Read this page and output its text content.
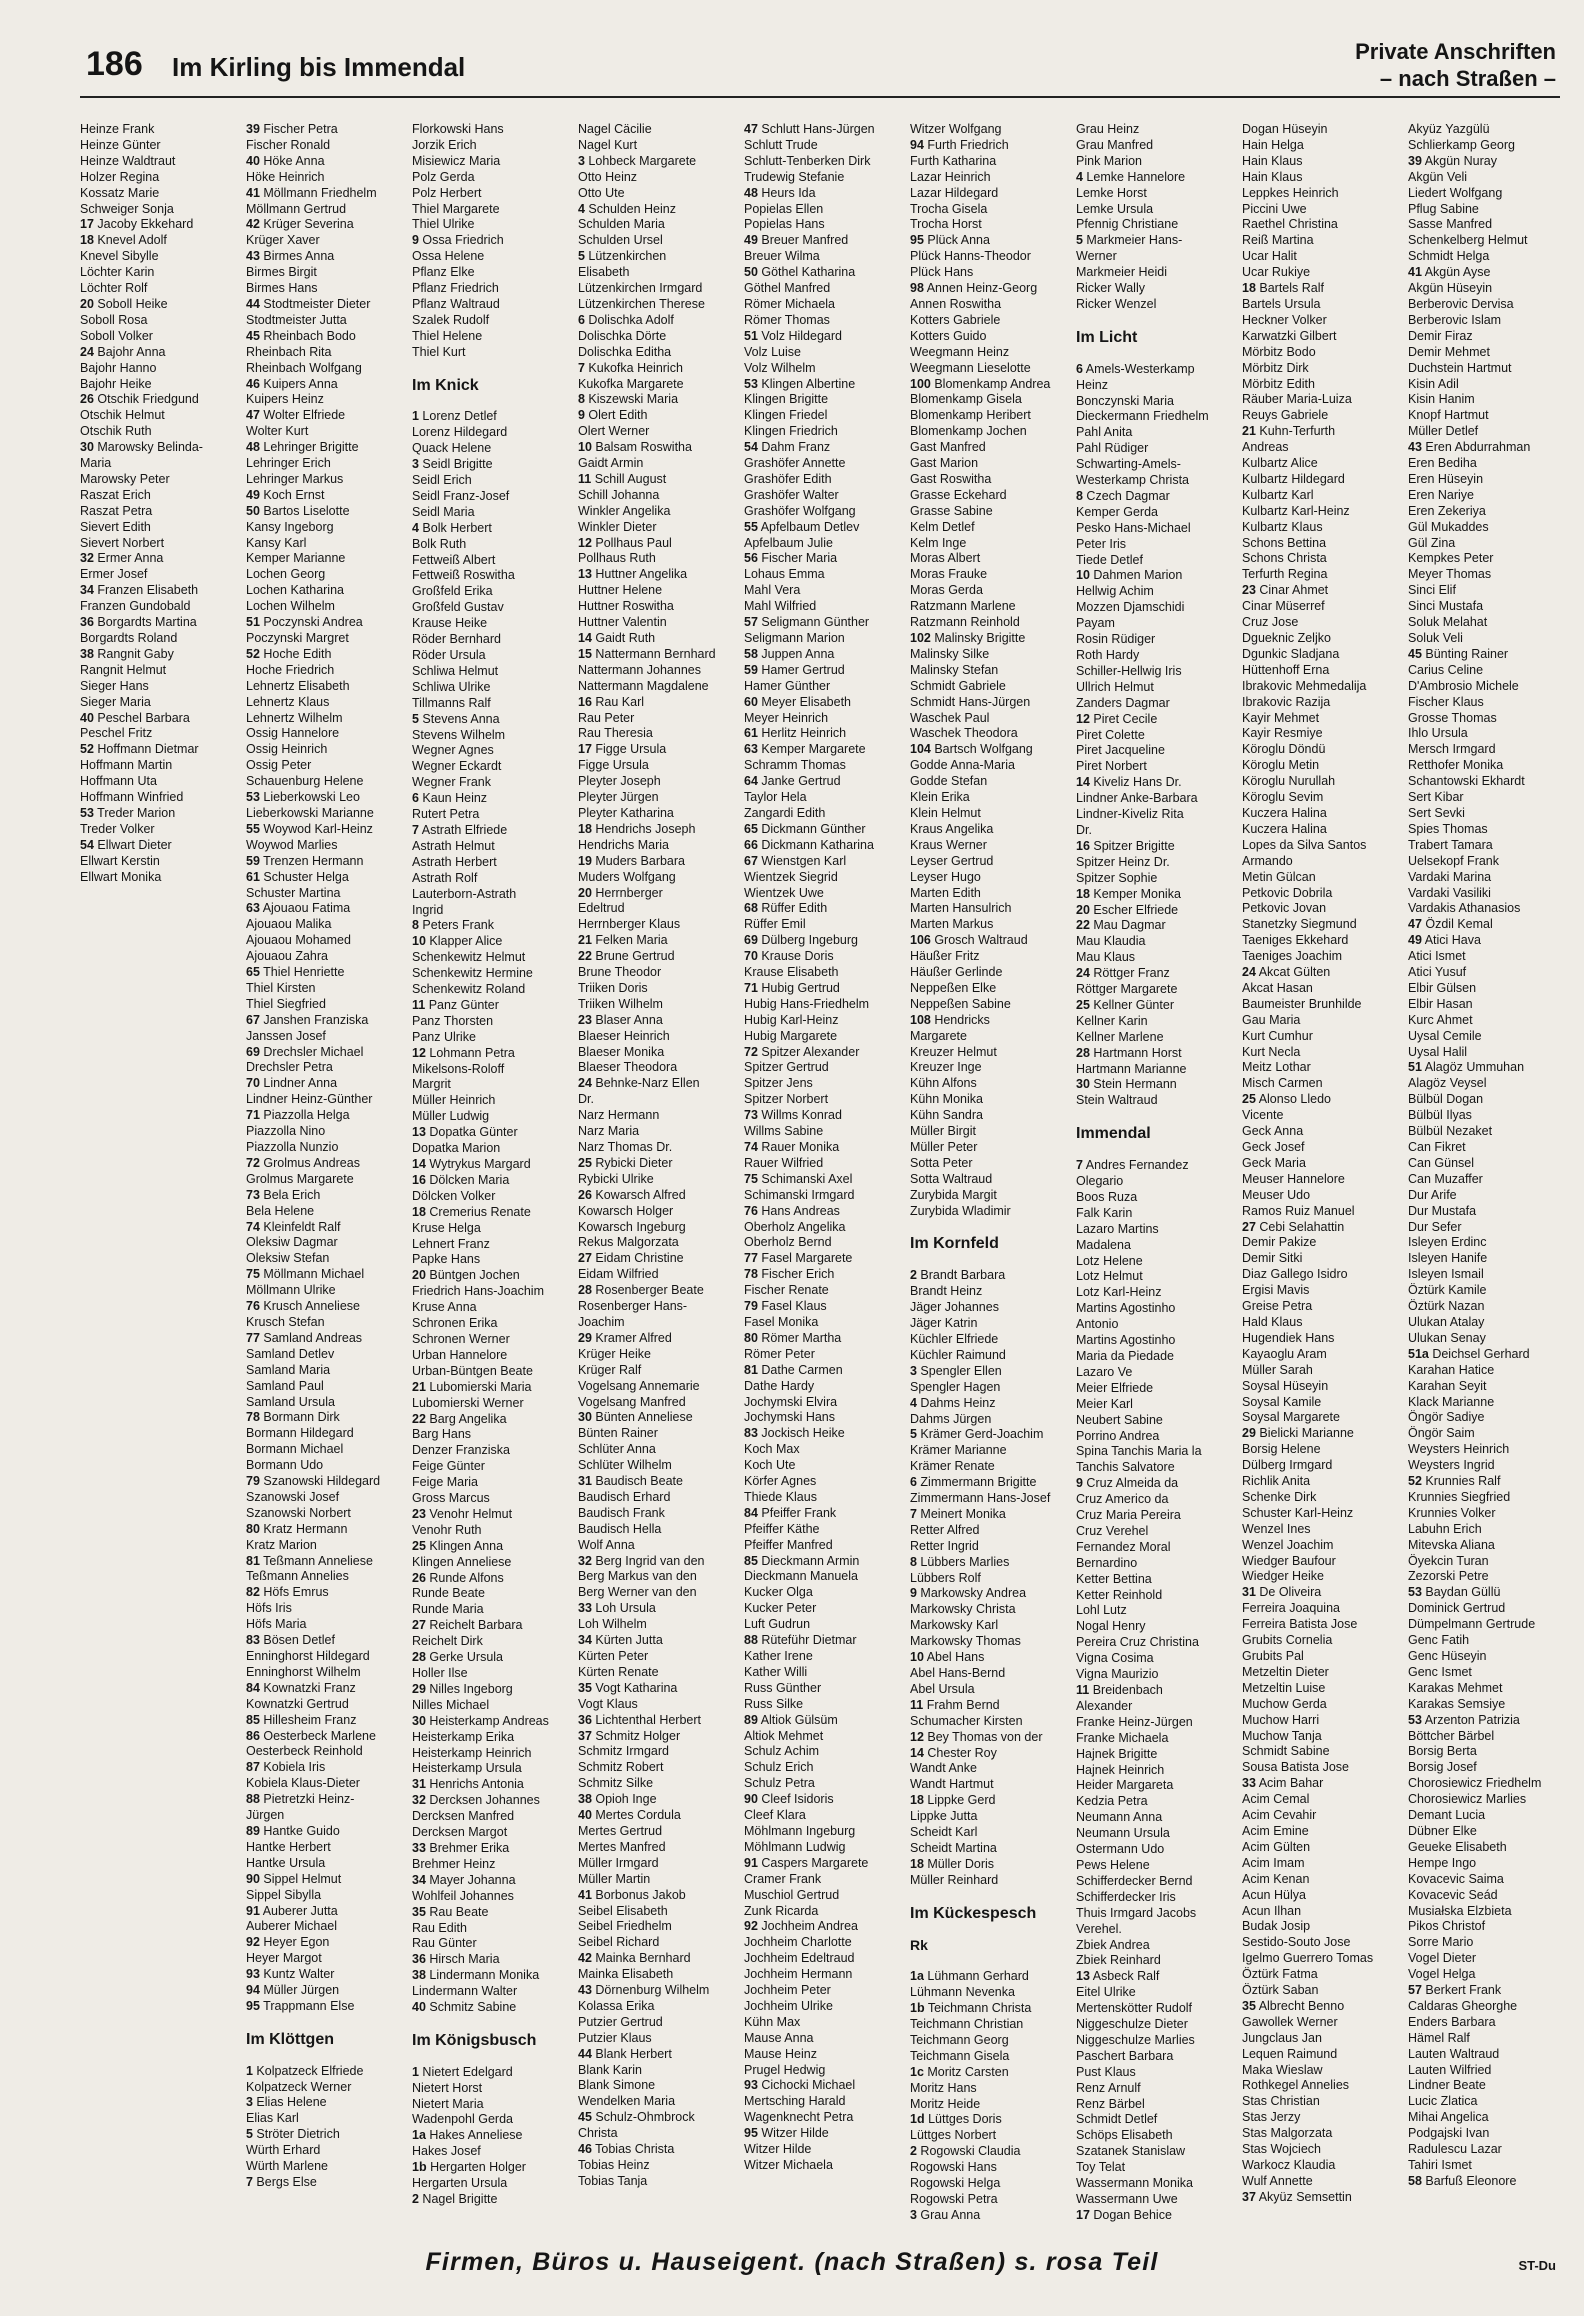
186 Im Kirling bis Immendal
Private Anschriften
– nach Straßen –
Heinze Frank
Heinze Günter
Heinze Waldtraut
Holzer Regina
Kossatz Marie
Schweiger Sonja
17 Jacoby Ekkehard
18 Knevel Adolf
Knevel Sibylle
Löchter Karin
Löchter Rolf
20 Soboll Heike
Soboll Rosa
Soboll Volker
24 Bajohr Anna
Bajohr Hanno
Bajohr Heike
26 Otschik Friedgund
Otschik Helmut
Otschik Ruth
30 Marowsky Belinda-
Maria
Marowsky Peter
Raszat Erich
Raszat Petra
Sievert Edith
Sievert Norbert
32 Ermer Anna
Ermer Josef
34 Franzen Elisabeth
Franzen Gundobald
36 Borgardts Martina
Borgardts Roland
38 Rangnit Gaby
Rangnit Helmut
Sieger Hans
Sieger Maria
40 Peschel Barbara
Peschel Fritz
52 Hoffmann Dietmar
Hoffmann Martin
Hoffmann Uta
Hoffmann Winfried
53 Treder Marion
Treder Volker
54 Ellwart Dieter
Ellwart Kerstin
Ellwart Monika
39 Fischer Petra
Fischer Ronald
40 Höke Anna
Höke Heinrich
41 Möllmann Friedhelm
Möllmann Gertrud
42 Krüger Severina
Krüger Xaver
43 Birmes Anna
Birmes Birgit
Birmes Hans
44 Stodtmeister Dieter
Stodtmeister Jutta
45 Rheinbach Bodo
Rheinbach Rita
Rheinbach Wolfgang
46 Kuipers Anna
Kuipers Heinz
47 Wolter Elfriede
Wolter Kurt
48 Lehringer Brigitte
Lehringer Erich
Lehringer Markus
49 Koch Ernst
50 Bartos Liselotte
Kansy Ingeborg
Kansy Karl
Kemper Marianne
Lochen Georg
Lochen Katharina
Lochen Wilhelm
51 Poczynski Andrea
Poczynski Margret
52 Hoche Edith
Hoche Friedrich
Lehnertz Elisabeth
Lehnertz Klaus
Lehnertz Wilhelm
Ossig Hannelore
Ossig Heinrich
Ossig Peter
Schauenburg Helene
53 Lieberkowski Leo
Lieberkowski Marianne
55 Woywod Karl-Heinz
Woywod Marlies
59 Trenzen Hermann
61 Schuster Helga
Schuster Martina
63 Ajouaou Fatima
Ajouaou Malika
Ajouaou Mohamed
Ajouaou Zahra
65 Thiel Henriette
Thiel Kirsten
Thiel Siegfried
67 Janshen Franziska
Janssen Josef
69 Drechsler Michael
Drechsler Petra
70 Lindner Anna
Lindner Heinz-Günther
71 Piazzolla Helga
Piazzolla Nino
Piazzolla Nunzio
72 Grolmus Andreas
Grolmus Margarete
73 Bela Erich
Bela Helene
74 Kleinfeldt Ralf
Oleksiw Dagmar
Oleksiw Stefan
75 Möllmann Michael
Möllmann Ulrike
76 Krusch Anneliese
Krusch Stefan
77 Samland Andreas
Samland Detlev
Samland Maria
Samland Paul
Samland Ursula
78 Bormann Dirk
Bormann Hildegard
Bormann Michael
Bormann Udo
79 Szanowski Hildegard
Szanowski Josef
Szanowski Norbert
80 Kratz Hermann
Kratz Marion
81 Teßmann Anneliese
Teßmann Annelies
82 Höfs Emrus
Höfs Iris
Höfs Maria
83 Bösen Detlef
Enninghorst Hildegard
Enninghorst Wilhelm
84 Kownatzki Franz
Kownatzki Gertrud
85 Hillesheim Franz
86 Oesterbeck Marlene
Oesterbeck Reinhold
87 Kobiela Iris
Kobiela Klaus-Dieter
88 Pietretzki Heinz-
Jürgen
89 Hantke Guido
Hantke Herbert
Hantke Ursula
90 Sippel Helmut
Sippel Sibylla
91 Auberer Jutta
Auberer Michael
92 Heyer Egon
Heyer Margot
93 Kuntz Walter
94 Müller Jürgen
95 Trappmann Else

Im Klöttgen

1 Kolpatzeck Elfriede
Kolpatzeck Werner
3 Elias Helene
Elias Karl
5 Ströter Dietrich
Würth Erhard
Würth Marlene
7 Bergs Else
Florkowski Hans
Jorzik Erich
Misiewicz Maria
Polz Gerda
Polz Herbert
Thiel Margarete
Thiel Ulrike
9 Ossa Friedrich
Ossa Helene
Pflanz Elke
Pflanz Friedrich
Pflanz Waltraud
Szalek Rudolf
Thiel Helene
Thiel Kurt

Im Knick

1 Lorenz Detlef
Lorenz Hildegard
Quack Helene
3 Seidl Brigitte
Seidl Erich
Seidl Franz-Josef
Seidl Maria
4 Bolk Herbert
Bolk Ruth
Fettweiß Albert
Fettweiß Roswitha
Großfeld Erika
Großfeld Gustav
Krause Heike
Röder Bernhard
Röder Ursula
Schliwa Helmut
Schliwa Ulrike
Tillmanns Ralf
5 Stevens Anna
Stevens Wilhelm
Wegner Agnes
Wegner Eckardt
Wegner Frank
6 Kaun Heinz
Rutert Petra
7 Astrath Elfriede
Astrath Helmut
Astrath Herbert
Astrath Rolf
Lauterborn-Astrath
Ingrid
8 Peters Frank
10 Klapper Alice
Schenkewitz Helmut
Schenkewitz Hermine
Schenkewitz Roland
11 Panz Günter
Panz Thorsten
Panz Ulrike
12 Lohmann Petra
Mikelsons-Roloff
Margrit
Müller Heinrich
Müller Ludwig
13 Dopatka Günter
Dopatka Marion
14 Wytrykus Margard
16 Dölcken Maria
Dölcken Volker
18 Cremerius Renate
Kruse Helga
Lehnert Franz
Papke Hans
20 Büntgen Jochen
Friedrich Hans-Joachim
Kruse Anna
Schronen Erika
Schronen Werner
Urban Hannelore
Urban-Büntgen Beate
21 Lubomierski Maria
Lubomierski Werner
22 Barg Angelika
Barg Hans
Denzer Franziska
Feige Günter
Feige Maria
Gross Marcus
23 Venohr Helmut
Venohr Ruth
25 Klingen Anna
Klingen Anneliese
26 Runde Alfons
Runde Beate
Runde Maria
27 Reichelt Barbara
Reichelt Dirk
28 Gerke Ursula
Holler Ilse
29 Nilles Ingeborg
Nilles Michael
30 Heisterkamp Andreas
Heisterkamp Erika
Heisterkamp Heinrich
Heisterkamp Ursula
31 Henrichs Antonia
32 Dercksen Johannes
Dercksen Manfred
Dercksen Margot
33 Brehmer Erika
Brehmer Heinz
34 Mayer Johanna
Wohlfeil Johannes
35 Rau Beate
Rau Edith
Rau Günter
36 Hirsch Maria
38 Lindermann Monika
Lindermann Walter
40 Schmitz Sabine

Im Königsbusch

1 Nietert Edelgard
Nietert Horst
Nietert Maria
Wadenpohl Gerda
1a Hakes Anneliese
Hakes Josef
1b Hergarten Holger
Hergarten Ursula
2 Nagel Brigitte
Nagel Cäcilie
Nagel Kurt
3 Lohbeck Margarete
Otto Heinz
Otto Ute
4 Schulden Heinz
Schulden Maria
Schulden Ursel
5 Lützenkirchen
Elisabeth
Lützenkirchen Irmgard
Lützenkirchen Therese
6 Dolischka Adolf
Dolischka Dörte
Dolischka Editha
7 Kukofka Heinrich
Kukofka Margarete
8 Kiszewski Maria
9 Olert Edith
Olert Werner
10 Balsam Roswitha
Gaidt Armin
11 Schill August
Schill Johanna
Winkler Angelika
Winkler Dieter
12 Pollhaus Paul
Pollhaus Ruth
13 Huttner Angelika
Huttner Helene
Huttner Roswitha
Huttner Valentin
14 Gaidt Ruth
15 Nattermann Bernhard
Nattermann Johannes
Nattermann Magdalene
16 Rau Karl
Rau Peter
Rau Theresia
17 Figge Ursula
Figge Ursula
Pleyter Joseph
Pleyter Jürgen
Pleyter Katharina
18 Hendrichs Joseph
Hendrichs Maria
19 Muders Barbara
Muders Wolfgang
20 Herrnberger
Edeltrud
Herrnberger Klaus
21 Felken Maria
22 Brune Gertrud
Brune Theodor
Triiken Doris
Triiken Wilhelm
23 Blaser Anna
Blaeser Heinrich
Blaeser Monika
Blaeser Theodora
24 Behnke-Narz Ellen
Dr.
Narz Hermann
Narz Maria
Narz Thomas Dr.
25 Rybicki Dieter
Rybicki Ulrike
26 Kowarsch Alfred
Kowarsch Holger
Kowarsch Ingeburg
Rekus Malgorzata
27 Eidam Christine
Eidam Wilfried
28 Rosenberger Beate
Rosenberger Hans-
Joachim
29 Kramer Alfred
Krüger Heike
Krüger Ralf
Vogelsang Annemarie
Vogelsang Manfred
30 Bünten Anneliese
Bünten Rainer
Schlüter Anna
Schlüter Wilhelm
31 Baudisch Beate
Baudisch Erhard
Baudisch Frank
Baudisch Hella
Wolf Anna
32 Berg Ingrid van den
Berg Markus van den
Berg Werner van den
33 Loh Ursula
Loh Wilhelm
34 Kürten Jutta
Kürten Peter
Kürten Renate
35 Vogt Katharina
Vogt Klaus
36 Lichtenthal Herbert
37 Schmitz Holger
Schmitz Irmgard
Schmitz Robert
Schmitz Silke
38 Opioh Inge
40 Mertes Cordula
Mertes Gertrud
Mertes Manfred
Müller Irmgard
Müller Martin
41 Borbonus Jakob
Seibel Elisabeth
Seibel Friedhelm
Seibel Richard
42 Mainka Bernhard
Mainka Elisabeth
43 Dörnenburg Wilhelm
Kolassa Erika
Putzier Gertrud
Putzier Klaus
44 Blank Herbert
Blank Karin
Blank Simone
Wendelken Maria
45 Schulz-Ohmbrock
Christa
46 Tobias Christa
Tobias Heinz
Tobias Tanja
47 Schlutt Hans-Jürgen
Schlutt Trude
Schlutt-Tenberken Dirk
Trudewig Stefanie
48 Heurs Ida
Popielas Ellen
Popielas Hans
49 Breuer Manfred
Breuer Wilma
50 Göthel Katharina
Göthel Manfred
Römer Michaela
Römer Thomas
51 Volz Hildegard
Volz Luise
Volz Wilhelm
53 Klingen Albertine
Klingen Brigitte
Klingen Friedel
Klingen Friedrich
54 Dahm Franz
Grashöfer Annette
Grashöfer Edith
Grashöfer Walter
Grashöfer Wolfgang
55 Apfelbaum Detlev
Apfelbaum Julie
56 Fischer Maria
Lohaus Emma
Mahl Vera
Mahl Wilfried
57 Seligmann Günther
Seligmann Marion
58 Juppen Anna
59 Hamer Gertrud
Hamer Günther
60 Meyer Elisabeth
Meyer Heinrich
61 Herlitz Heinrich
63 Kemper Margarete
Schramm Thomas
64 Janke Gertrud
Taylor Hela
Zangardi Edith
65 Dickmann Günther
66 Dickmann Katharina
67 Wienstgen Karl
Wientzek Siegrid
Wientzek Uwe
68 Rüffer Edith
Rüffer Emil
69 Dülberg Ingeburg
70 Krause Doris
Krause Elisabeth
71 Hubig Gertrud
Hubig Hans-Friedhelm
Hubig Karl-Heinz
Hubig Margarete
72 Spitzer Alexander
Spitzer Gertrud
Spitzer Jens
Spitzer Norbert
73 Willms Konrad
Willms Sabine
74 Rauer Monika
Rauer Wilfried
75 Schimanski Axel
Schimanski Irmgard
76 Hans Andreas
Oberholz Angelika
Oberholz Bernd
77 Fasel Margarete
78 Fischer Erich
Fischer Renate
79 Fasel Klaus
Fasel Monika
80 Römer Martha
Römer Peter
81 Dathe Carmen
Dathe Hardy
Jochymski Elvira
Jochymski Hans
83 Jockisch Heike
Koch Max
Koch Ute
Körfer Agnes
Thiede Klaus
84 Pfeiffer Frank
Pfeiffer Käthe
Pfeiffer Manfred
85 Dieckmann Armin
Dieckmann Manuela
Kucker Olga
Kucker Peter
Luft Gudrun
88 Rüteführ Dietmar
Kather Irene
Kather Willi
Russ Günther
Russ Silke
89 Altiok Gülsüm
Altiok Mehmet
Schulz Achim
Schulz Erich
Schulz Petra
90 Cleef Isidoris
Cleef Klara
Möhlmann Ingeburg
Möhlmann Ludwig
91 Caspers Margarete
Cramer Frank
Muschiol Gertrud
Zunk Ricarda
92 Jochheim Andrea
Jochheim Charlotte
Jochheim Edeltraud
Jochheim Hermann
Jochheim Peter
Jochheim Ulrike
Kühn Max
Mause Anna
Mause Heinz
Prugel Hedwig
93 Cichocki Michael
Mertsching Harald
Wagenknecht Petra
95 Witzer Hilde
Witzer Hilde
Witzer Michaela
Witzer Wolfgang
94 Furth Friedrich
Furth Katharina
Lazar Heinrich
Lazar Hildegard
Trocha Gisela
Trocha Horst
95 Plück Anna
Plück Hanns-Theodor
Plück Hans
98 Annen Heinz-Georg
Annen Roswitha
Kotters Gabriele
Kotters Guido
Weegmann Heinz
Weegmann Lieselotte
100 Blomenkamp Andrea
Blomenkamp Gisela
Blomenkamp Heribert
Blomenkamp Jochen
Gast Manfred
Gast Marion
Gast Roswitha
Grasse Eckehard
Grasse Sabine
Kelm Detlef
Kelm Inge
Moras Albert
Moras Frauke
Moras Gerda
Ratzmann Marlene
Ratzmann Reinhold
102 Malinsky Brigitte
Malinsky Silke
Malinsky Stefan
Schmidt Gabriele
Schmidt Hans-Jürgen
Waschek Paul
Waschek Theodora
104 Bartsch Wolfgang
Godde Anna-Maria
Godde Stefan
Klein Erika
Klein Helmut
Kraus Angelika
Kraus Werner
Leyser Gertrud
Leyser Hugo
Marten Edith
Marten Hansulrich
Marten Markus
106 Grosch Waltraud
Häußer Fritz
Häußer Gerlinde
Neppeßen Elke
Neppeßen Sabine
108 Hendricks
Margarete
Kreuzer Helmut
Kreuzer Inge
Kühn Alfons
Kühn Monika
Kühn Sandra
Müller Birgit
Müller Peter
Sotta Peter
Sotta Waltraud
Zurybida Margit
Zurybida Wladimir

Im Kornfeld

2 Brandt Barbara
Brandt Heinz
Jäger Johannes
Jäger Katrin
Küchler Elfriede
Küchler Raimund
3 Spengler Ellen
Spengler Hagen
4 Dahms Heinz
Dahms Jürgen
5 Krämer Gerd-Joachim
Krämer Marianne
Krämer Renate
6 Zimmermann Brigitte
Zimmermann Hans-Josef
7 Meinert Monika
Retter Alfred
Retter Ingrid
8 Lübbers Marlies
Lübbers Rolf
9 Markowsky Andrea
Markowsky Christa
Markowsky Karl
Markowsky Thomas
10 Abel Hans
Abel Hans-Bernd
Abel Ursula
11 Frahm Bernd
Schumacher Kirsten
12 Bey Thomas von der
14 Chester Roy
Wandt Anke
Wandt Hartmut
18 Lippke Gerd
Lippke Jutta
Scheidt Karl
Scheidt Martina
18 Müller Doris
Müller Reinhard

Im Kückespesch

Rk

1a Lühmann Gerhard
Lühmann Nevenka
1b Teichmann Christa
Teichmann Christian
Teichmann Georg
Teichmann Gisela
1c Moritz Carsten
Moritz Hans
Moritz Heide
1d Lüttges Doris
Lüttges Norbert
2 Rogowski Claudia
Rogowski Hans
Rogowski Helga
Rogowski Petra
3 Grau Anna
Grau Heinz
Grau Manfred
Pink Marion
4 Lemke Hannelore
Lemke Horst
Lemke Ursula
Pfennig Christiane
5 Markmeier Hans-
Werner
Markmeier Heidi
Ricker Wally
Ricker Wenzel

Im Licht

6 Amels-Westerkamp
Heinz
Bonczynski Maria
Dieckermann Friedhelm
Pahl Anita
Pahl Rüdiger
Schwarting-Amels-
Westerkamp Christa
8 Czech Dagmar
Kemper Gerda
Pesko Hans-Michael
Peter Iris
Tiede Detlef
10 Dahmen Marion
Hellwig Achim
Mozzen Djamschidi
Payam
Rosin Rüdiger
Roth Hardy
Schiller-Hellwig Iris
Ullrich Helmut
Zanders Dagmar
12 Piret Cecile
Piret Colette
Piret Jacqueline
Piret Norbert
14 Kiveliz Hans Dr.
Lindner Anke-Barbara
Lindner-Kiveliz Rita
Dr.
16 Spitzer Brigitte
Spitzer Heinz Dr.
Spitzer Sophie
18 Kemper Monika
20 Escher Elfriede
22 Mau Dagmar
Mau Klaudia
Mau Klaus
24 Röttger Franz
Röttger Margarete
25 Kellner Günter
Kellner Karin
Kellner Marlene
28 Hartmann Horst
Hartmann Marianne
30 Stein Hermann
Stein Waltraud

Immendal

7 Andres Fernandez
Olegario
Boos Ruza
Falk Karin
Lazaro Martins
Madalena
Lotz Helene
Lotz Helmut
Lotz Karl-Heinz
Martins Agostinho
Antonio
Martins Agostinho
Maria da Piedade
Lazaro Ve
Meier Elfriede
Meier Karl
Neubert Sabine
Porrino Andrea
Spina Tanchis Maria la
Tanchis Salvatore
9 Cruz Almeida da
Cruz Americo da
Cruz Maria Pereira
Cruz Verehel
Fernandez Moral
Bernardino
Ketter Bettina
Ketter Reinhold
Lohl Lutz
Nogal Henry
Pereira Cruz Christina
Vigna Cosima
Vigna Maurizio
11 Breidenbach
Alexander
Franke Heinz-Jürgen
Franke Michaela
Hajnek Brigitte
Hajnek Heinrich
Heider Margareta
Kedzia Petra
Neumann Anna
Neumann Ursula
Ostermann Udo
Pews Helene
Schifferdecker Bernd
Schifferdecker Iris
Thuis Irmgard Jacobs
Verehel.
Zbiek Andrea
Zbiek Reinhard
13 Asbeck Ralf
Eitel Ulrike
Mertenskötter Rudolf
Niggeschulze Dieter
Niggeschulze Marlies
Paschert Barbara
Pust Klaus
Renz Arnulf
Renz Bärbel
Schmidt Detlef
Schöps Elisabeth
Szatanek Stanislaw
Toy Telat
Wassermann Monika
Wassermann Uwe
17 Dogan Behice
Dogan Hüseyin
Hain Helga
Hain Klaus
Hain Klaus
Leppkes Heinrich
Piccini Uwe
Raethel Christina
Reiß Martina
Ucar Halit
Ucar Rukiye
18 Bartels Ralf
Bartels Ursula
Heckner Volker
Karwatzki Gilbert
Mörbitz Bodo
Mörbitz Dirk
Mörbitz Edith
Räuber Maria-Luiza
Reuys Gabriele
21 Kuhn-Terfurth
Andreas
Kulbartz Alice
Kulbartz Hildegard
Kulbartz Karl
Kulbartz Karl-Heinz
Kulbartz Klaus
Schons Bettina
Schons Christa
Terfurth Regina
23 Cinar Ahmet
Cinar Müserref
Cruz Jose
Dgueknic Zeljko
Dgunkic Sladjana
Hüttenhoff Erna
Ibrakovic Mehmedalija
Ibrakovic Razija
Kayir Mehmet
Kayir Resmiye
Köroglu Döndü
Köroglu Metin
Köroglu Nurullah
Köroglu Sevim
Kuczera Halina
Kuczera Halina
Lopes da Silva Santos
Armando
Metin Gülcan
Petkovic Dobrila
Petkovic Jovan
Stanetzky Siegmund
Taeniges Ekkehard
Taeniges Joachim
24 Akcat Gülten
Akcat Hasan
Baumeister Brunhilde
Gau Maria
Kurt Cumhur
Kurt Necla
Meitz Lothar
Misch Carmen
25 Alonso Lledo
Vicente
Geck Anna
Geck Josef
Geck Maria
Meuser Hannelore
Meuser Udo
Ramos Ruiz Manuel
27 Cebi Selahattin
Demir Pakize
Demir Sitki
Diaz Gallego Isidro
Ergisi Mavis
Greise Petra
Hald Klaus
Hugendiek Hans
Kayaoglu Aram
Müller Sarah
Soysal Hüseyin
Soysal Kamile
Soysal Margarete
29 Bielicki Marianne
Borsig Helene
Dülberg Irmgard
Richlik Anita
Schenke Dirk
Schuster Karl-Heinz
Wenzel Ines
Wenzel Joachim
Wiedger Baufour
Wiedger Heike
31 De Oliveira
Ferreira Joaquina
Ferreira Batista Jose
Grubits Cornelia
Grubits Pal
Metzeltin Dieter
Metzeltin Luise
Muchow Gerda
Muchow Harri
Muchow Tanja
Schmidt Sabine
Sousa Batista Jose
33 Acim Bahar
Acim Cemal
Acim Cevahir
Acim Emine
Acim Gülten
Acim Imam
Acim Kenan
Acun Hülya
Acun Ilhan
Budak Josip
Sestido-Souto Jose
Igelmo Guerrero Tomas
Öztürk Fatma
Öztürk Saban
35 Albrecht Benno
Gawollek Werner
Jungclaus Jan
Lequen Raimund
Maka Wieslaw
Rothkegel Annelies
Stas Christian
Stas Jerzy
Stas Malgorzata
Stas Wojciech
Warkocz Klaudia
Wulf Annette
37 Akyüz Semsettin
Akyüz Yazgülü
Schlierkamp Georg
39 Akgün Nuray
Akgün Veli
Liedert Wolfgang
Pflug Sabine
Sasse Manfred
Schenkelberg Helmut
Schmidt Helga
41 Akgün Ayse
Akgün Hüseyin
Berberovic Dervisa
Berberovic Islam
Demir Firaz
Demir Mehmet
Duchstein Hartmut
Kisin Adil
Kisin Hanim
Knopf Hartmut
Müller Detlef
43 Eren Abdurrahman
Eren Bediha
Eren Hüseyin
Eren Nariye
Eren Zekeriya
Gül Mukaddes
Gül Zina
Kempkes Peter
Meyer Thomas
Sinci Elif
Sinci Mustafa
Soluk Melahat
Soluk Veli
45 Bünting Rainer
Carius Celine
D'Ambrosio Michele
Fischer Klaus
Grosse Thomas
Ihlo Ursula
Mersch Irmgard
Retthofer Monika
Schantowski Ekhardt
Sert Kibar
Sert Sevki
Spies Thomas
Trabert Tamara
Uelsekopf Frank
Vardaki Marina
Vardaki Vasiliki
Vardakis Athanasios
47 Özdil Kemal
49 Atici Hava
Atici Ismet
Atici Yusuf
Elbir Gülsen
Elbir Hasan
Kurc Ahmet
Uysal Cemile
Uysal Halil
51 Alagöz Ummuhan
Alagöz Veysel
Bülbül Dogan
Bülbül Ilyas
Bülbül Nezaket
Can Fikret
Can Günsel
Can Muzaffer
Dur Arife
Dur Mustafa
Dur Sefer
Isleyen Erdinc
Isleyen Hanife
Isleyen Ismail
Öztürk Kamile
Öztürk Nazan
Ulukan Atalay
Ulukan Senay
51a Deichsel Gerhard
Karahan Hatice
Karahan Seyit
Klack Marianne
Öngör Sadiye
Öngör Saim
Weysters Heinrich
Weysters Ingrid
52 Krunnies Ralf
Krunnies Siegfried
Krunnies Volker
Labuhn Erich
Mitevska Aliana
Öyekcin Turan
Zezorski Petre
53 Baydan Güllü
Dominick Gertrud
Dümpelmann Gertrude
Genc Fatih
Genc Hüseyin
Genc Ismet
Karakas Mehmet
Karakas Semsiye
53 Arzenton Patrizia
Böttcher Bärbel
Borsig Berta
Borsig Josef
Chorosiewicz Friedhelm
Chorosiewicz Marlies
Demant Lucia
Dübner Elke
Geueke Elisabeth
Hempe Ingo
Kovacevic Saima
Kovacevic Seád
Musiałska Elzbieta
Pikos Christof
Sorre Mario
Vogel Dieter
Vogel Helga
57 Berkert Frank
Caldaras Gheorghe
Enders Barbara
Hämel Ralf
Lauten Waltraud
Lauten Wilfried
Lindner Beate
Lucic Zlatica
Mihai Angelica
Podgajski Ivan
Radulescu Lazar
Tahiri Ismet
58 Barfuß Eleonore
Firmen, Büros u. Hauseigent. (nach Straßen) s. rosa Teil	ST-Du
